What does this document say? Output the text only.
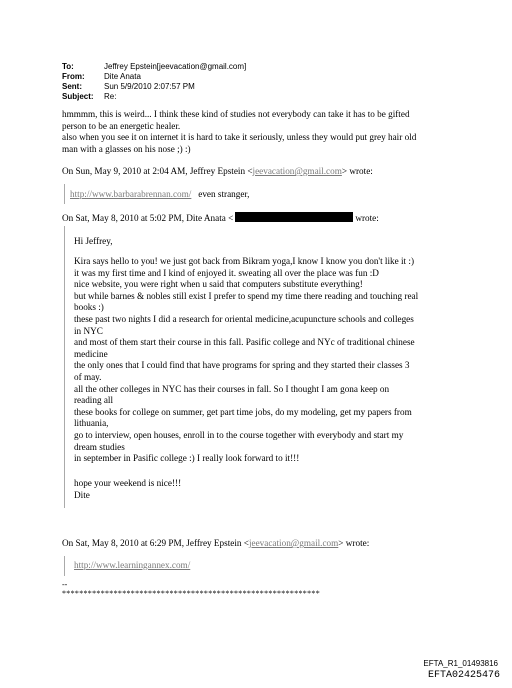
To:	Jeffrey Epstein[jeevacation@gmail.com]
From:	Dite Anata
Sent:	Sun 5/9/2010 2:07:57 PM
Subject:	Re:
hmmmm, this is weird... I think these kind of studies not everybody can take it has to be gifted
person to be an energetic healer.
also when you see it on internet it is hard to take it seriously, unless they would put grey hair old
man with a glasses on his nose ;) :)
On Sun, May 9, 2010 at 2:04 AM, Jeffrey Epstein <jeevacation@gmail.com> wrote:
http://www.barbarabrennan.com/ even stranger,
On Sat, May 8, 2010 at 5:02 PM, Dite Anata <	wrote:
Hi Jeffrey,
Kira says hello to you! we just got back from Bikram yoga,I know I know you don't like it :)
it was my first time and I kind of enjoyed it. sweating all over the place was fun :D
nice website, you were right when u said that computers substitute everything!
but while barnes & nobles still exist I prefer to spend my time there reading and touching real
books :)
these past two nights I did a research for oriental medicine,acupuncture schools and colleges
in NYC
and most of them start their course in this fall. Pasific college and NYc of traditional chinese
medicine
the only ones that I could find that have programs for spring and they started their classes 3
of may.
all the other colleges in NYC has their courses in fall. So I thought I am gona keep on
reading all
these books for college on summer, get part time jobs, do my modeling, get my papers from
lithuania,
go to interview, open houses, enroll in to the course together with everybody and start my
dream studies
in september in Pasific college :) I really look forward to it!!!
hope your weekend is nice!!!
Dite
On Sat, May 8, 2010 at 6:29 PM, Jeffrey Epstein <jeevacation@gmail.com> wrote:
http://www.learningannex.com/
--
************************************************************
EFTA_R1_01493816
EFTA02425476
